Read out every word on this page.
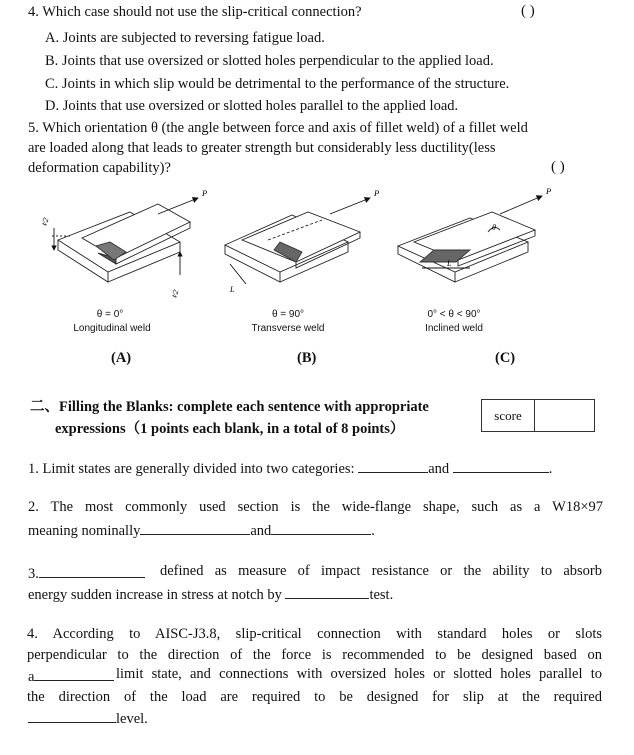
4. Which case should not use the slip-critical connection?	( )
A. Joints are subjected to reversing fatigue load.
B. Joints that use oversized or slotted holes perpendicular to the applied load.
C. Joints in which slip would be detrimental to the performance of the structure.
D. Joints that use oversized or slotted holes parallel to the applied load.
5. Which orientation θ (the angle between force and axis of fillet weld) of a fillet weld
are loaded along that leads to greater strength but considerably less ductility(less
deformation capability)?	( )
P
t⁄2
t⁄2
P
L
P
L
θ
θ = 0°
Longitudinal weld
θ = 90°
Transverse weld
0° < θ < 90°
Inclined weld
(A)	(B)	(C)
二、Filling the Blanks: complete each sentence with appropriate
expressions（1 points each blank, in a total of 8 points）
score
1. Limit states are generally divided into two categories:	and	.
2. The most commonly used section is the wide-flange shape, such as a W18×97
meaning nominally	and	.
3.	defined as measure of impact resistance or the ability to absorb
energy sudden increase in stress at notch by	test.
4. According to AISC-J3.8, slip-critical connection with standard holes or slots
perpendicular to the direction of the force is recommended to be designed based on
a	limit state, and connections with oversized holes or slotted holes parallel to
the direction of the load are required to be designed for slip at the required
level.
